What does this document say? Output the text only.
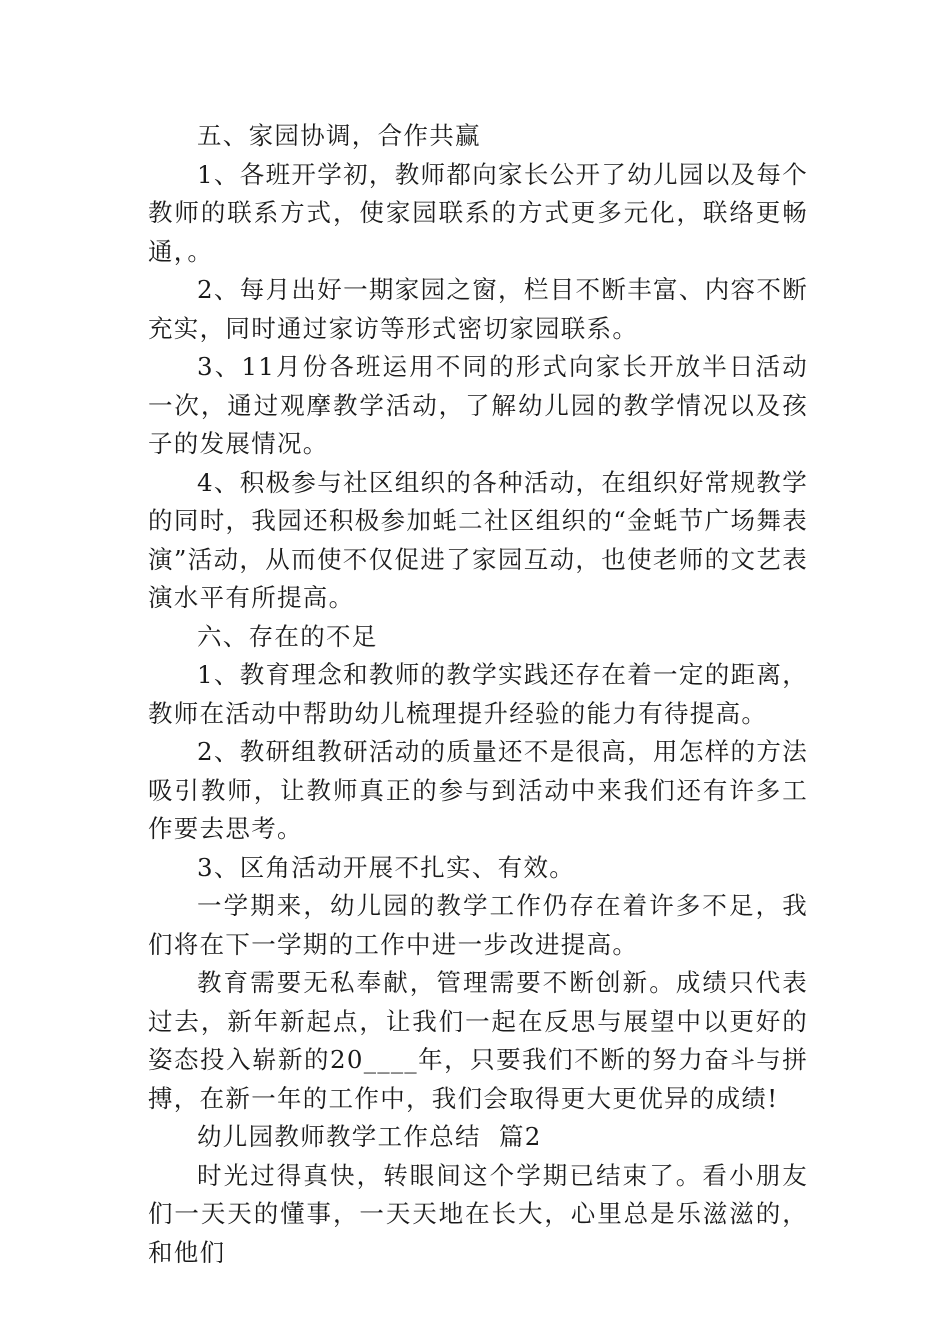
五、家园协调，合作共赢

1、各班开学初，教师都向家长公开了幼儿园以及每个教师的联系方式，使家园联系的方式更多元化，联络更畅通，。

2、每月出好一期家园之窗，栏目不断丰富、内容不断充实，同时通过家访等形式密切家园联系。

3、11月份各班运用不同的形式向家长开放半日活动一次，通过观摩教学活动，了解幼儿园的教学情况以及孩子的发展情况。

4、积极参与社区组织的各种活动，在组织好常规教学的同时，我园还积极参加蚝二社区组织的“金蚝节广场舞表演”活动，从而使不仅促进了家园互动，也使老师的文艺表演水平有所提高。

六、存在的不足

1、教育理念和教师的教学实践还存在着一定的距离，教师在活动中帮助幼儿梳理提升经验的能力有待提高。

2、教研组教研活动的质量还不是很高，用怎样的方法吸引教师，让教师真正的参与到活动中来我们还有许多工作要去思考。

3、区角活动开展不扎实、有效。

一学期来，幼儿园的教学工作仍存在着许多不足，我们将在下一学期的工作中进一步改进提高。

教育需要无私奉献，管理需要不断创新。成绩只代表过去，新年新起点，让我们一起在反思与展望中以更好的姿态投入崭新的20____年，只要我们不断的努力奋斗与拼搏，在新一年的工作中，我们会取得更大更优异的成绩!

幼儿园教师教学工作总结  篇2

时光过得真快，转眼间这个学期已结束了。看小朋友们一天天的懂事，一天天地在长大，心里总是乐滋滋的，和他们
